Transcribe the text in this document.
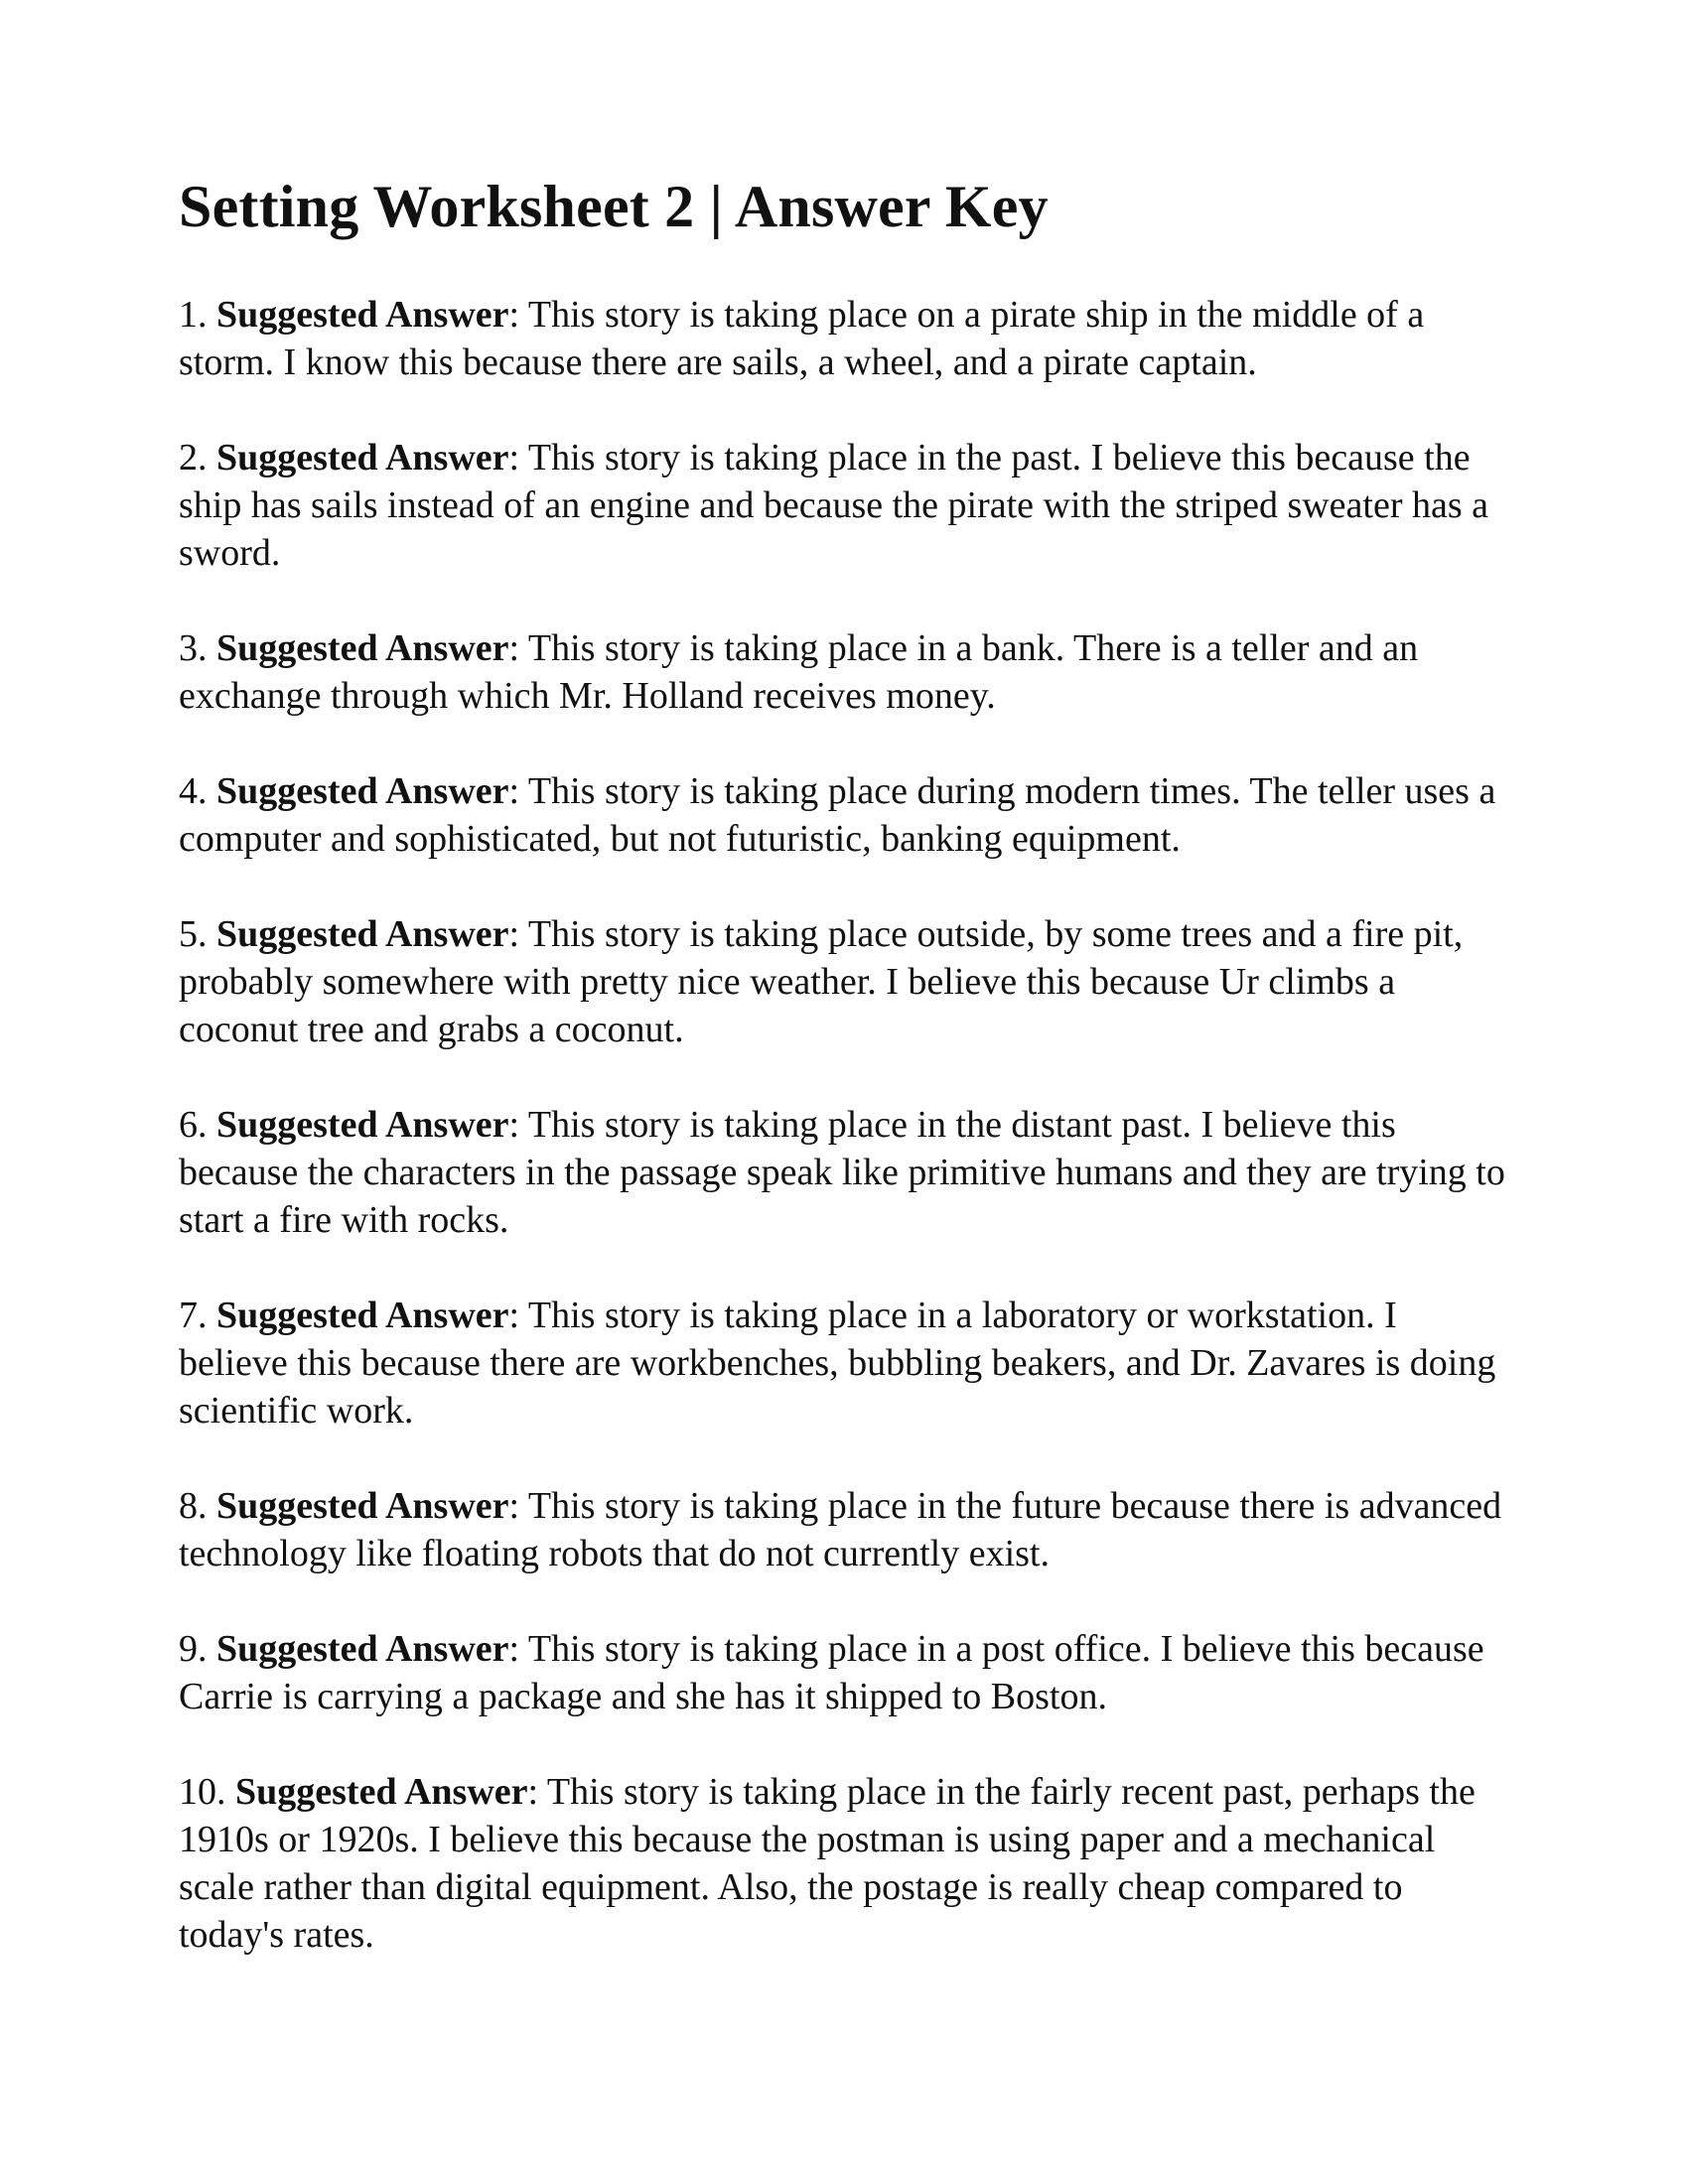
Setting Worksheet 2 | Answer Key
1. Suggested Answer: This story is taking place on a pirate ship in the middle of a storm. I know this because there are sails, a wheel, and a pirate captain.
2. Suggested Answer: This story is taking place in the past. I believe this because the ship has sails instead of an engine and because the pirate with the striped sweater has a sword.
3. Suggested Answer: This story is taking place in a bank. There is a teller and an exchange through which Mr. Holland receives money.
4. Suggested Answer: This story is taking place during modern times. The teller uses a computer and sophisticated, but not futuristic, banking equipment.
5. Suggested Answer: This story is taking place outside, by some trees and a fire pit, probably somewhere with pretty nice weather. I believe this because Ur climbs a coconut tree and grabs a coconut.
6. Suggested Answer: This story is taking place in the distant past. I believe this because the characters in the passage speak like primitive humans and they are trying to start a fire with rocks.
7. Suggested Answer: This story is taking place in a laboratory or workstation. I believe this because there are workbenches, bubbling beakers, and Dr. Zavares is doing scientific work.
8. Suggested Answer: This story is taking place in the future because there is advanced technology like floating robots that do not currently exist.
9. Suggested Answer: This story is taking place in a post office. I believe this because Carrie is carrying a package and she has it shipped to Boston.
10. Suggested Answer: This story is taking place in the fairly recent past, perhaps the 1910s or 1920s. I believe this because the postman is using paper and a mechanical scale rather than digital equipment. Also, the postage is really cheap compared to today's rates.
